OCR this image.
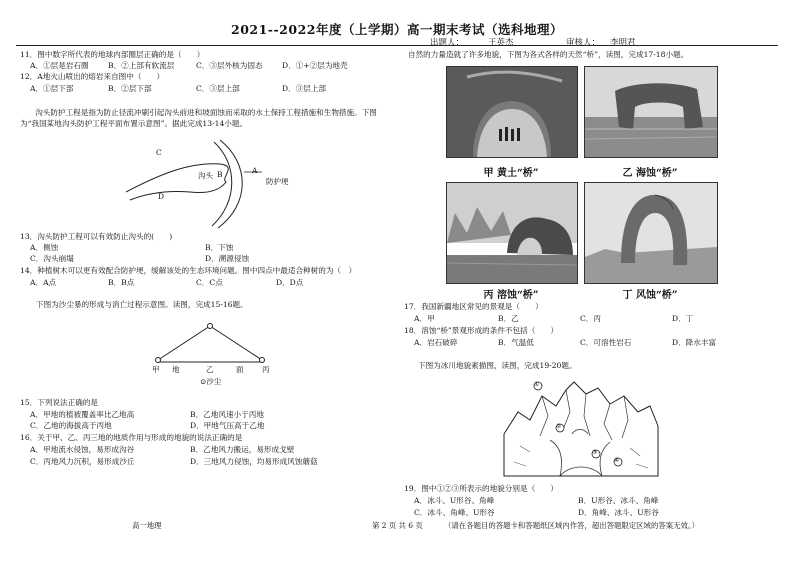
2021--2022年度（上学期）高一期末考试（选科地理）
出题人：	王英杰	审核人： 李明君
11．图中数字所代表的地球内部圈层正确的是（　　）
A．①层是岩石圈	B．②上部有软流层	C．③层外核为固态	D．①+②层为地壳
12．A地火山喷出的熔岩来自图中（　　）
A．①层下部	B．②层下部	C．③层上部	D．③层上部
沟头防护工程是指为防止径流冲刷引起沟头前进和坡面蚀而采取的水土保持工程措施和生物措施。下图为“我国某地沟头防护工程平面布置示意图”。据此完成13-14小题。
C
沟头 B	A
D
防护埂
13．沟头防护工程可以有效防止沟头的(　　)
A．侧蚀	B．下蚀
C．沟头崩塌	D．溯源侵蚀
14．种植树木可以更有效配合防护埂，缓解该处的生态环境问题。图中四点中最适合种树的为（　）
A．A点	B．B点	C．C点	D．D点
下图为沙尘暴的形成与消亡过程示意图。读图，完成15-16题。
甲 地	乙	面 丙
⊙沙尘
15．下列说法正确的是
A．甲地的植被覆盖率比乙地高	B．乙地风速小于丙地
C．乙地的海拔高于丙地	D．甲地气压高于乙地
16．关于甲、乙、丙三地的地质作用与形成的地貌的说法正确的是
A．甲地流水侵蚀，易形成沟谷	B．乙地风力搬运，易形成戈壁
C．丙地风力沉积，易形成沙丘	D．三地风力侵蚀，均易形成风蚀蘑菇
自然的力量造就了许多地貌，下图为各式各样的天然“桥”，读图，完成17-18小题。
甲 黄土“桥”	乙 海蚀“桥”
丙 溶蚀“桥”	丁 风蚀“桥”
17．我国新疆地区常见的景观是（　　）
A．甲	B．乙	C．丙	D．丁
18．溶蚀“桥”景观形成的条件不包括（　　）
A．岩石破碎	B．气温低	C．可溶性岩石	D．降水丰富
下图为冰川地貌素描图，读图，完成19-20题。
①
②
③
④
19．图中①②③所表示的地貌分别是（　　）
A．冰斗、U形谷、角峰	B．U形谷、冰斗、角峰
C．冰斗、角峰、U形谷	D．角峰、冰斗、U形谷
高一地理	第 2 页 共 6 页	（请在各题目的答题卡和答题纸区域内作答，超出答题限定区域的答案无效。）
